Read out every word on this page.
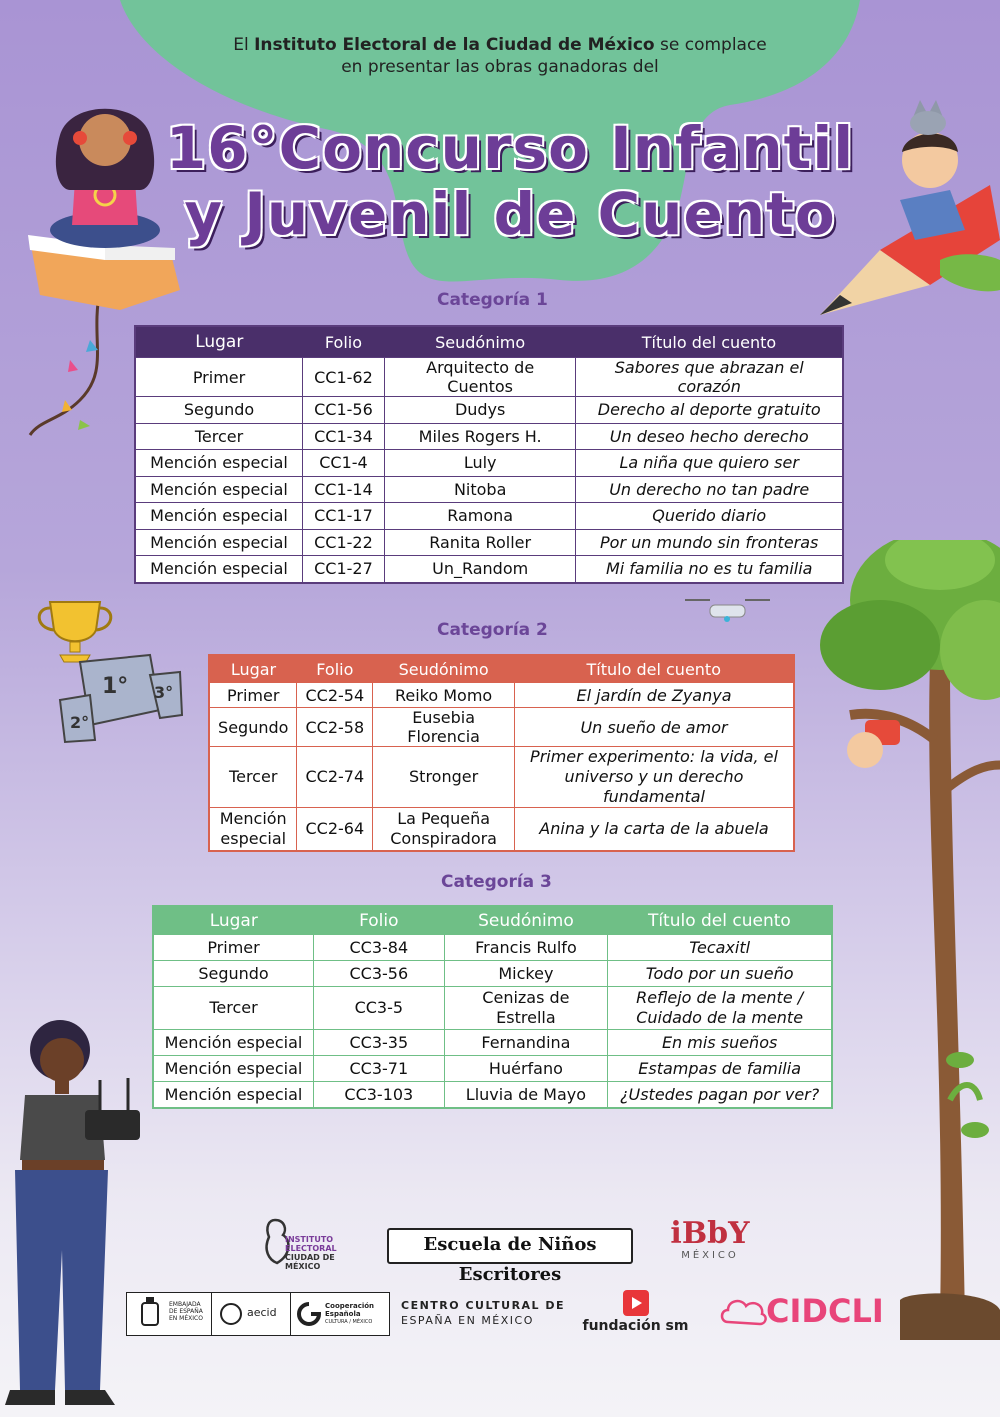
El Instituto Electoral de la Ciudad de México se complace
en presentar las obras ganadoras del
16°Concurso Infantil
y Juvenil de Cuento
Categoría 1
Lugar	Folio	Seudónimo	Título del cuento
Primer	CC1-62	Arquitecto de Cuentos	Sabores que abrazan el corazón
Segundo	CC1-56	Dudys	Derecho al deporte gratuito
Tercer	CC1-34	Miles Rogers H.	Un deseo hecho derecho
Mención especial	CC1-4	Luly	La niña que quiero ser
Mención especial	CC1-14	Nitoba	Un derecho no tan padre
Mención especial	CC1-17	Ramona	Querido diario
Mención especial	CC1-22	Ranita Roller	Por un mundo sin fronteras
Mención especial	CC1-27	Un_Random	Mi familia no es tu familia
1°
2°
3°
Categoría 2
Lugar	Folio	Seudónimo	Título del cuento
Primer	CC2-54	Reiko Momo	El jardín de Zyanya
Segundo	CC2-58	Eusebia Florencia	Un sueño de amor
Tercer	CC2-74	Stronger	Primer experimento: la vida, el universo y un derecho fundamental
Mención especial	CC2-64	La Pequeña Conspiradora	Anina y la carta de la abuela
Categoría 3
Lugar	Folio	Seudónimo	Título del cuento
Primer	CC3-84	Francis Rulfo	Tecaxitl
Segundo	CC3-56	Mickey	Todo por un sueño
Tercer	CC3-5	Cenizas de Estrella	Reflejo de la mente / Cuidado de la mente
Mención especial	CC3-35	Fernandina	En mis sueños
Mención especial	CC3-71	Huérfano	Estampas de familia
Mención especial	CC3-103	Lluvia de Mayo	¿Ustedes pagan por ver?
INSTITUTO ELECTORAL
CIUDAD DE MÉXICO
Escuela de Niños Escritores
iBbY
MÉXICO
EMBAJADA
DE ESPAÑA
EN MÉXICO	aecid	Cooperación
Española
CULTURA / MÉXICO
CENTRO CULTURAL DE
ESPAÑA EN MÉXICO	fundación sm CIDCLI
